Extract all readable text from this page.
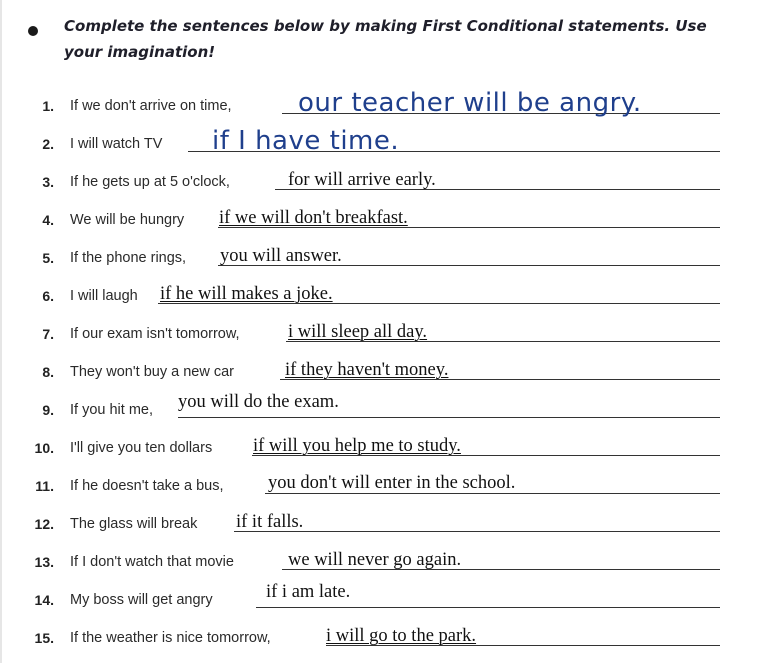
Complete the sentences below by making First Conditional statements. Use your imagination!
1. If we don't arrive on time,	our teacher will be angry.
2. I will watch TV if I have time.
3. If he gets up at 5 o'clock,	for will arrive early.
4. We will be hungry if we will don't breakfast.
5. If the phone rings, you will answer.
6. I will laugh if he will makes a joke.
7. If our exam isn't tomorrow,	i will sleep all day.
8. They won't buy a new car	if they haven't money.
9. If you hit me, you will do the exam.
10. I'll give you ten dollars if will you help me to study.
11. If he doesn't take a bus, you don't will enter in the school.
12. The glass will break if it falls.
13. If I don't watch that movie	we will never go again.
14. My boss will get angry	if i am late.
15. If the weather is nice tomorrow,	i will go to the park.
